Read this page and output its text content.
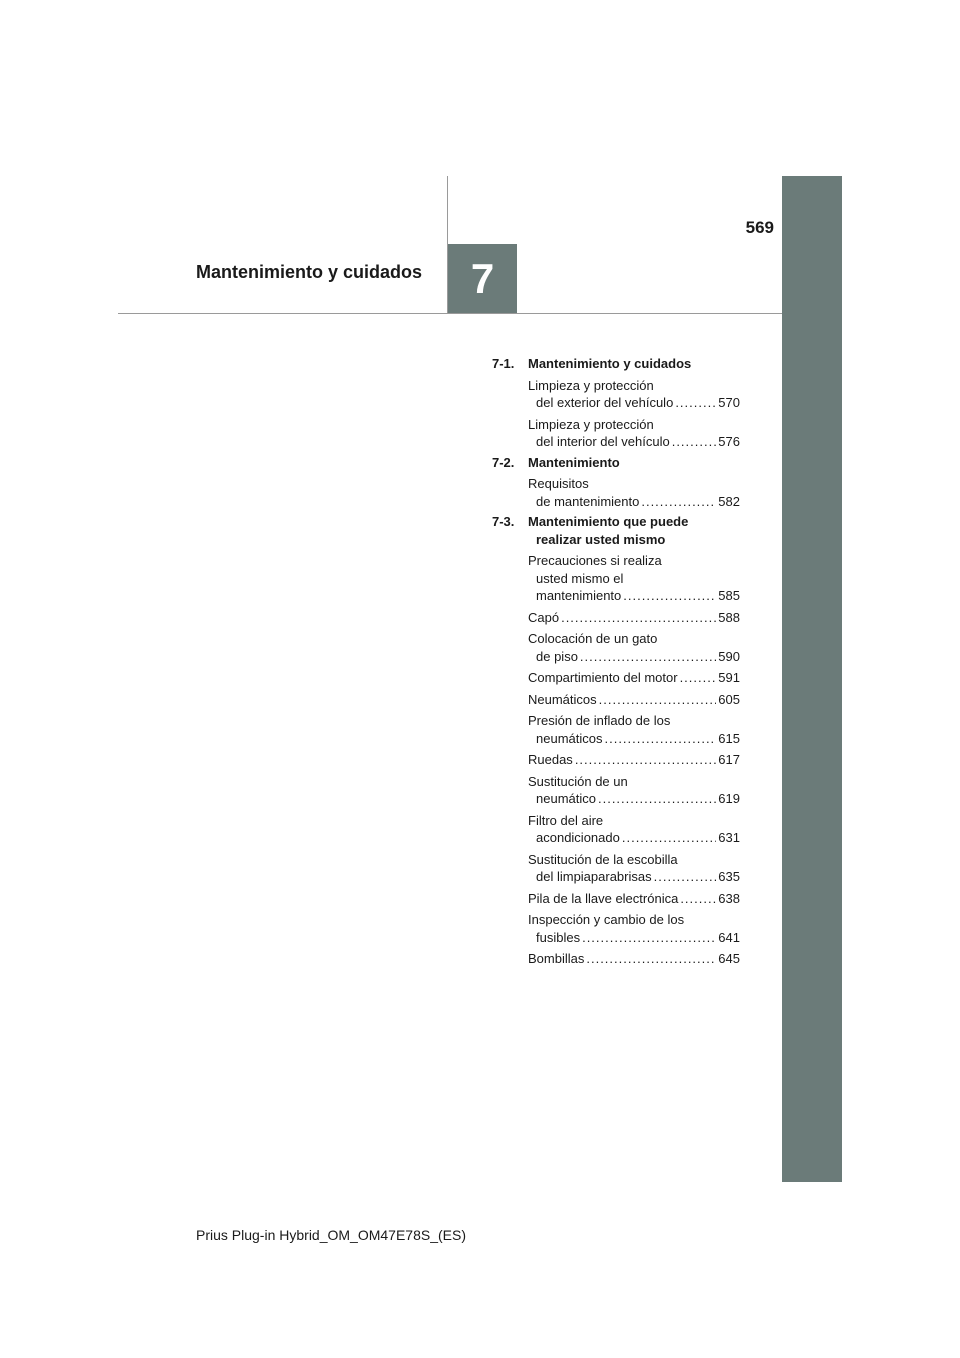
569
Mantenimiento y cuidados	7
7-1.	Mantenimiento y cuidados
Limpieza y protección
del exterior del vehículo .....	570
Limpieza y protección
del interior del vehículo .....	576
7-2.	Mantenimiento
Requisitos
de mantenimiento .....	582
7-3.	Mantenimiento que puede
realizar usted mismo
Precauciones si realiza
usted mismo el
mantenimiento .....	585
Capó .....	588
Colocación de un gato
de piso .....	590
Compartimiento del motor .....	591
Neumáticos .....	605
Presión de inflado de los
neumáticos .....	615
Ruedas .....	617
Sustitución de un
neumático .....	619
Filtro del aire
acondicionado .....	631
Sustitución de la escobilla
del limpiaparabrisas .....	635
Pila de la llave electrónica .....	638
Inspección y cambio de los
fusibles .....	641
Bombillas .....	645
Prius Plug-in Hybrid_OM_OM47E78S_(ES)
